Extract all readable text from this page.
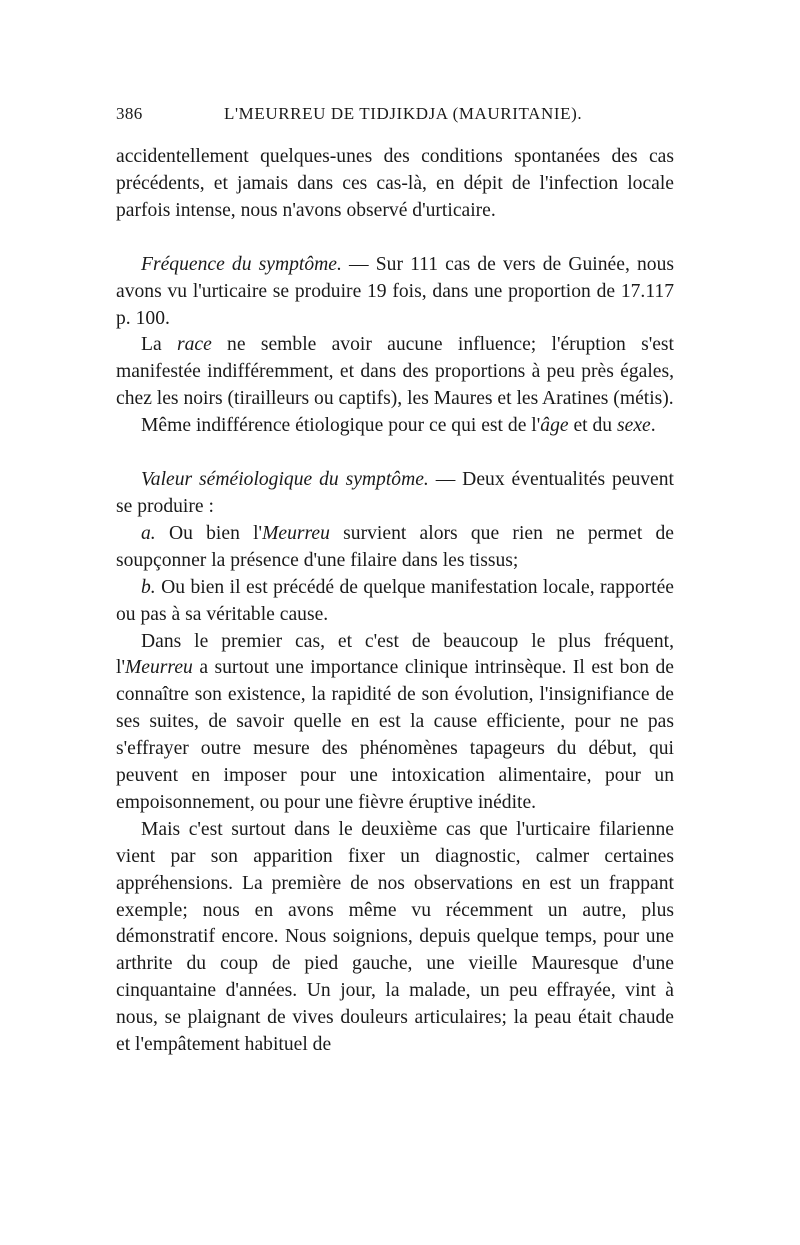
386	L'MEURREU DE TIDJIKDJA (MAURITANIE).

accidentellement quelques-unes des conditions spontanées des cas précédents, et jamais dans ces cas-là, en dépit de l'infection locale parfois intense, nous n'avons observé d'urticaire.

Fréquence du symptôme. — Sur 111 cas de vers de Guinée, nous avons vu l'urticaire se produire 19 fois, dans une proportion de 17.117 p. 100.

La race ne semble avoir aucune influence; l'éruption s'est manifestée indifféremment, et dans des proportions à peu près égales, chez les noirs (tirailleurs ou captifs), les Maures et les Aratines (métis).

Même indifférence étiologique pour ce qui est de l'âge et du sexe.

Valeur séméiologique du symptôme. — Deux éventualités peuvent se produire :

a. Ou bien l'Meurreu survient alors que rien ne permet de soupçonner la présence d'une filaire dans les tissus;

b. Ou bien il est précédé de quelque manifestation locale, rapportée ou pas à sa véritable cause.

Dans le premier cas, et c'est de beaucoup le plus fréquent, l'Meurreu a surtout une importance clinique intrinsèque. Il est bon de connaître son existence, la rapidité de son évolution, l'insignifiance de ses suites, de savoir quelle en est la cause efficiente, pour ne pas s'effrayer outre mesure des phénomènes tapageurs du début, qui peuvent en imposer pour une intoxication alimentaire, pour un empoisonnement, ou pour une fièvre éruptive inédite.

Mais c'est surtout dans le deuxième cas que l'urticaire filarienne vient par son apparition fixer un diagnostic, calmer certaines appréhensions. La première de nos observations en est un frappant exemple; nous en avons même vu récemment un autre, plus démonstratif encore. Nous soignions, depuis quelque temps, pour une arthrite du coup de pied gauche, une vieille Mauresque d'une cinquantaine d'années. Un jour, la malade, un peu effrayée, vint à nous, se plaignant de vives douleurs articulaires; la peau était chaude et l'empâtement habituel de
